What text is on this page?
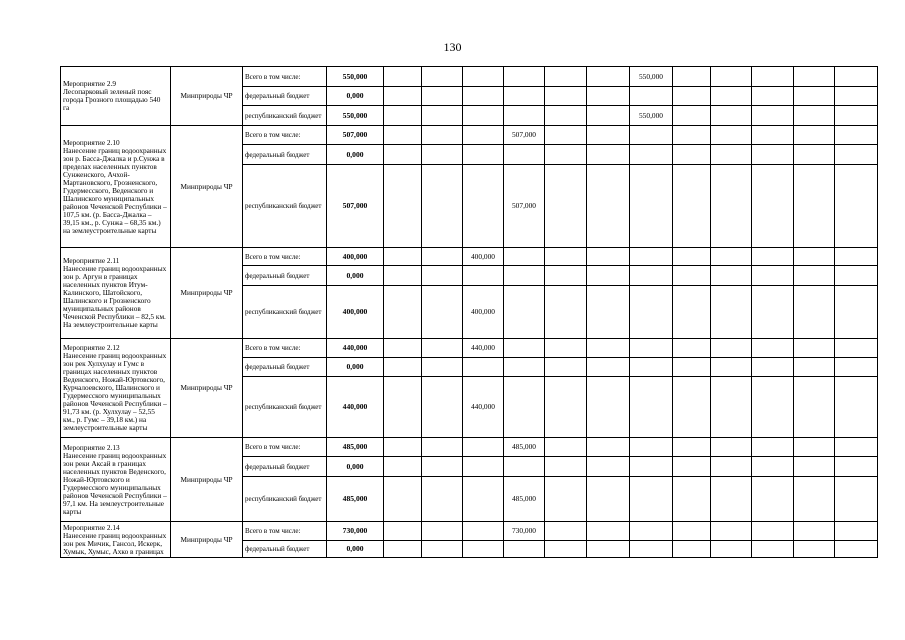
130
Мероприятие 2.9
Лесопарковый зеленый пояс города Грозного площадью 540 га	Минприроды ЧР	Всего в том числе:	550,000							550,000					
		федеральный бюджет	0,000												
		республиканский бюджет	550,000							550,000					

Мероприятие 2.10
Нанесение границ водоохранных зон р. Басса-Джалка и р.Сунжа в пределах населенных пунктов Сунженского, Ачхой-Мартановского, Грозненского, Гудермесского, Веденского и Шалинского муниципальных районов Чеченской Республики – 107,5 км. (р. Басса-Джалка – 39,15 км., р. Сунжа – 68,35 км.) на землеустроительные карты	Минприроды ЧР	Всего в том числе:	507,000				507,000								
		федеральный бюджет	0,000												
		республиканский бюджет	507,000				507,000								

Мероприятие 2.11
Нанесение границ водоохранных зон р. Аргун в границах населенных пунктов Итум-Калинского, Шатойского, Шалинского и Грозненского муниципальных районов Чеченской Республики – 82,5 км. На землеустроительные карты	Минприроды ЧР	Всего в том числе:	400,000			400,000									
		федеральный бюджет	0,000												
		республиканский бюджет	400,000			400,000									

Мероприятие 2.12
Нанесение границ водоохранных зон рек Хулхулау и Гумс в границах населенных пунктов Веденского, Ножай-Юртовского, Курчалоевского, Шалинского и Гудермесского муниципальных районов Чеченской Республики – 91,73 км. (р. Хулхулау – 52,55 км., р. Гумс – 39,18 км.) на землеустроительные карты	Минприроды ЧР	Всего в том числе:	440,000			440,000									
		федеральный бюджет	0,000												
		республиканский бюджет	440,000			440,000									

Мероприятие 2.13
Нанесение границ водоохранных зон реки Аксай в границах населенных пунктов Веденского, Ножай-Юртовского и Гудермесского муниципальных районов Чеченской Республики – 97,1 км. На землеустроительные карты	Минприроды ЧР	Всего в том числе:	485,000				485,000								
		федеральный бюджет	0,000												
		республиканский бюджет	485,000				485,000								

Мероприятие 2.14
Нанесение границ водоохранных зон рек Мичик, Гансол, Искерк, Хумык, Хумыс, Ахко в границах	Минприроды ЧР	Всего в том числе:	730,000				730,000								
		федеральный бюджет	0,000												
